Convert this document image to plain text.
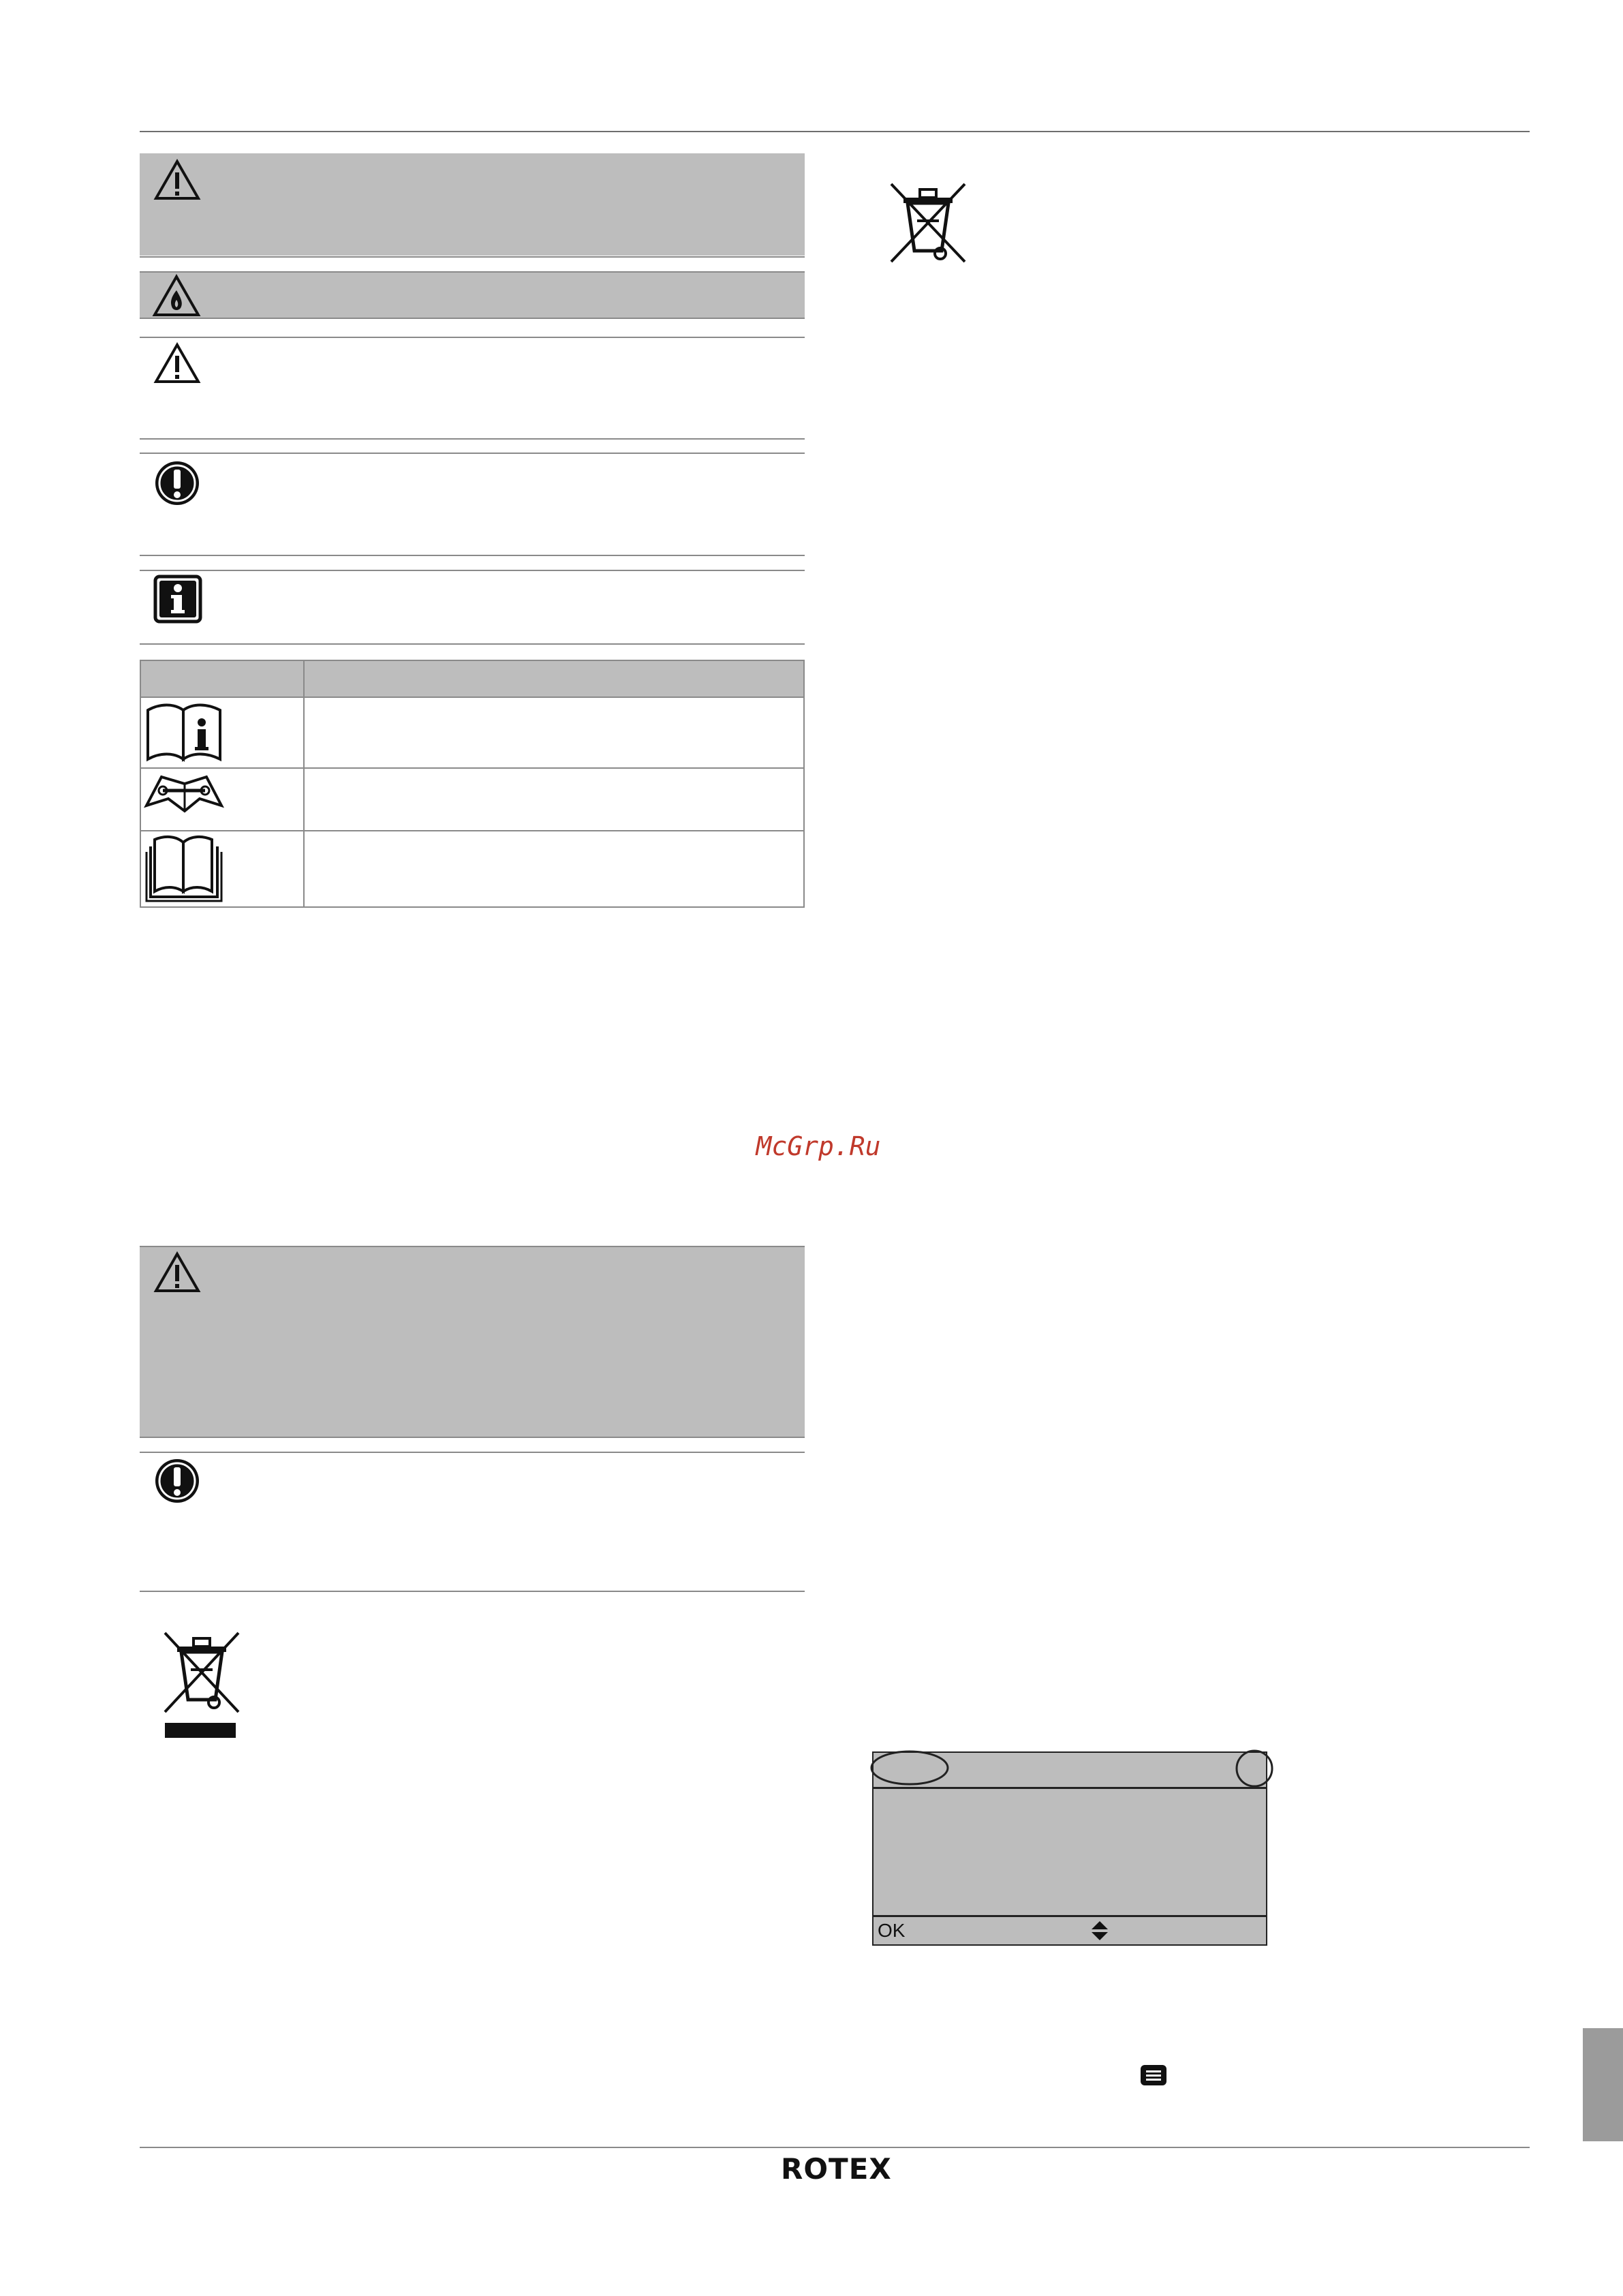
McGrp.Ru
OK
ROTEX
